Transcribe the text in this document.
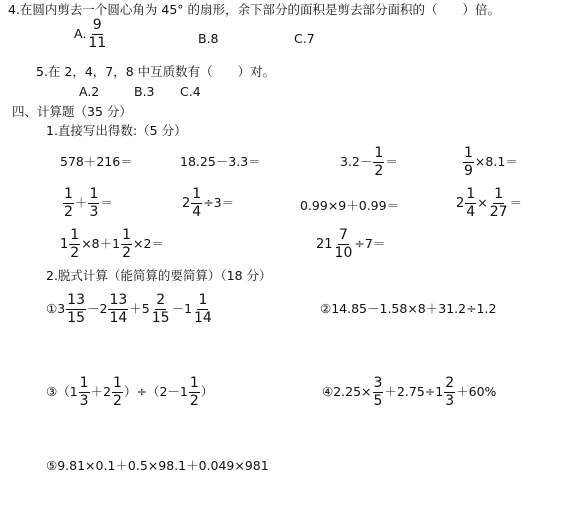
4.在圆内剪去一个圆心角为 45° 的扇形，余下部分的面积是剪去部分面积的（　　）倍。
A. $\frac{9}{11}$	B.8	C.7
5.在 2，4，7，8 中互质数有（　　）对。
A.2	B.3 C.4
四、计算题（35 分）
1.直接写出得数:（5 分）
578＋216＝	18.25－3.3＝	$3.2- \frac{1}{2}$ ＝	$\frac{1}{9} \times 8.1=$
$\frac{1}{2} + \frac{1}{3}$ ＝	$2 \frac{1}{4} \div 3=$	0.99×9＋0.99＝	$2 \frac{1}{4} \times \frac{1}{27}$ ＝
$1 \frac{1}{2} \times 8+1 \frac{1}{2} \times 2=$	$21 \frac{7}{10} \div 7=$
2.脱式计算（能简算的要简算）（18 分）
①3 $\frac{13}{15} -2 \frac{13}{14} +5 \frac{2}{15} -1 \frac{1}{14}$	②14.85－1.58×8＋31.2÷1.2
③（1 $\frac{1}{3} +2 \frac{1}{2} )\div(2-1 \frac{1}{2}$ ）	④2.25× $\frac{3}{5} +2.75\div 1 \frac{2}{3} +60\%$
⑤9.81×0.1＋0.5×98.1＋0.049×981
